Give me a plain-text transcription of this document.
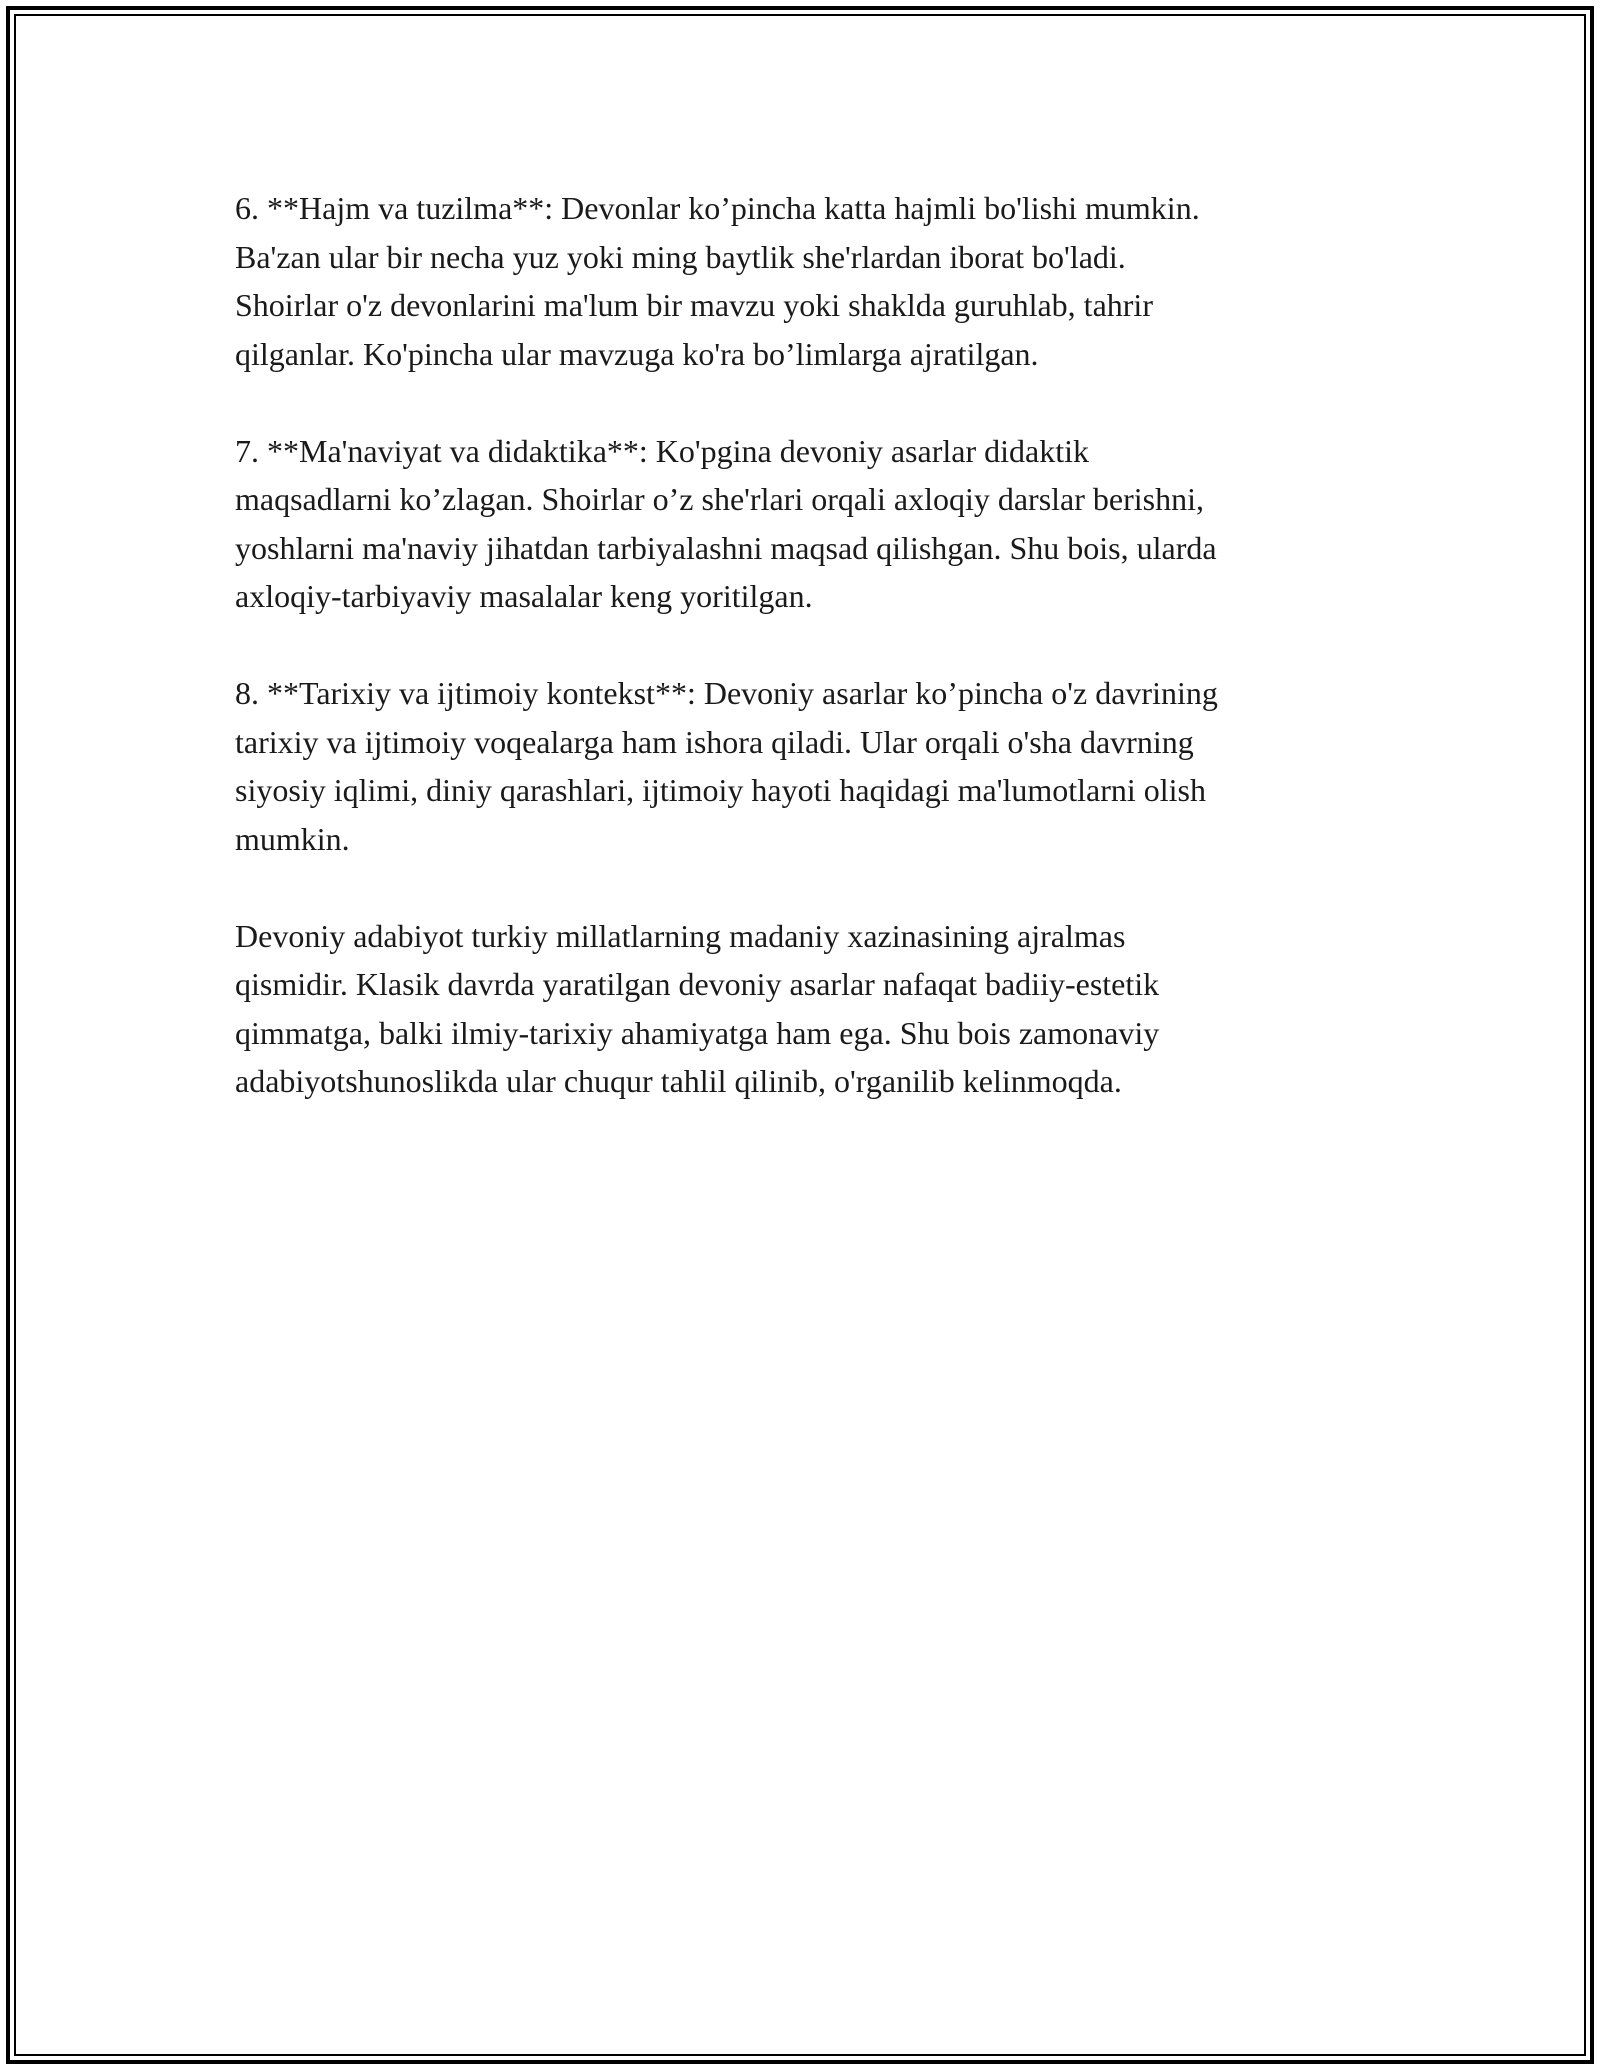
6. **Hajm va tuzilma**: Devonlar ko’pincha katta hajmli bo'lishi mumkin.
Ba'zan ular bir necha yuz yoki ming baytlik she'rlardan iborat bo'ladi.
Shoirlar o'z devonlarini ma'lum bir mavzu yoki shaklda guruhlab, tahrir
qilganlar. Ko'pincha ular mavzuga ko'ra bo’limlarga ajratilgan.

7. **Ma'naviyat va didaktika**: Ko'pgina devoniy asarlar didaktik
maqsadlarni ko’zlagan. Shoirlar o’z she'rlari orqali axloqiy darslar berishni,
yoshlarni ma'naviy jihatdan tarbiyalashni maqsad qilishgan. Shu bois, ularda
axloqiy-tarbiyaviy masalalar keng yoritilgan.

8. **Tarixiy va ijtimoiy kontekst**: Devoniy asarlar ko’pincha o'z davrining
tarixiy va ijtimoiy voqealarga ham ishora qiladi. Ular orqali o'sha davrning
siyosiy iqlimi, diniy qarashlari, ijtimoiy hayoti haqidagi ma'lumotlarni olish
mumkin.

Devoniy adabiyot turkiy millatlarning madaniy xazinasining ajralmas
qismidir. Klasik davrda yaratilgan devoniy asarlar nafaqat badiiy-estetik
qimmatga, balki ilmiy-tarixiy ahamiyatga ham ega. Shu bois zamonaviy
adabiyotshunoslikda ular chuqur tahlil qilinib, o'rganilib kelinmoqda.
